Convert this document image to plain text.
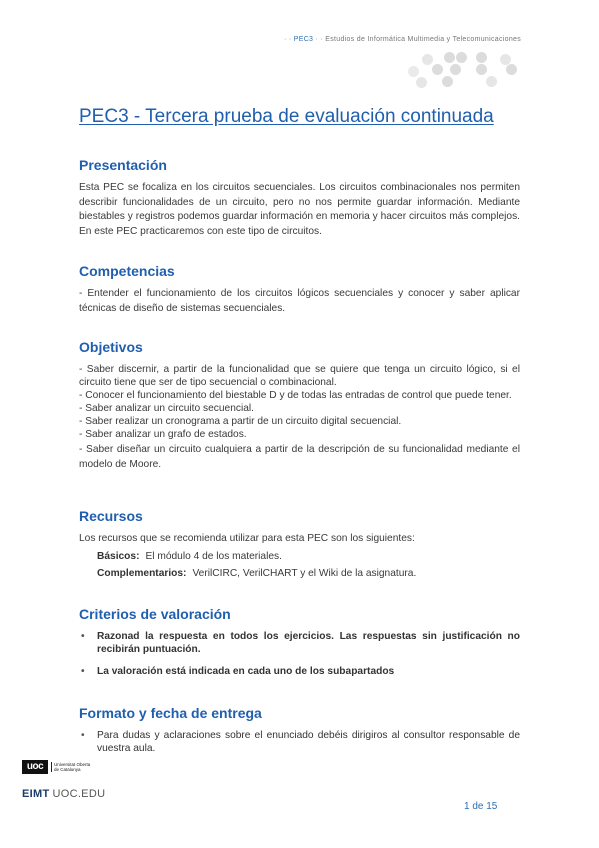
· · PEC3 · · Estudios de Informática Multimedia y Telecomunicaciones
PEC3 - Tercera prueba de evaluación continuada
Presentación

Esta PEC se focaliza en los circuitos secuenciales. Los circuitos combinacionales nos permiten describir funcionalidades de un circuito, pero no nos permite guardar información. Mediante biestables y registros podemos guardar información en memoria y hacer circuitos más complejos. En este PEC practicaremos con este tipo de circuitos.

Competencias

- Entender el funcionamiento de los circuitos lógicos secuenciales y conocer y saber aplicar técnicas de diseño de sistemas secuenciales.

Objetivos

- Saber discernir, a partir de la funcionalidad que se quiere que tenga un circuito lógico, si el circuito tiene que ser de tipo secuencial o combinacional.

- Conocer el funcionamiento del biestable D y de todas las entradas de control que puede tener.

- Saber analizar un circuito secuencial.

- Saber realizar un cronograma a partir de un circuito digital secuencial.

- Saber analizar un grafo de estados.

- Saber diseñar un circuito cualquiera a partir de la descripción de su funcionalidad mediante el modelo de Moore.

Recursos

Los recursos que se recomienda utilizar para esta PEC son los siguientes:

Básicos: El módulo 4 de los materiales.
Complementarios: VerilCIRC, VerilCHART y el Wiki de la asignatura.
Criterios de valoración
• Razonad la respuesta en todos los ejercicios. Las respuestas sin justificación no recibirán puntuación.
• La valoración está indicada en cada uno de los subapartados
Formato y fecha de entrega
• Para dudas y aclaraciones sobre el enunciado debéis dirigiros al consultor responsable de vuestra aula.
uoc	Universitat Oberta
de Catalunya
EIMT UOC.EDU
1 de 15
